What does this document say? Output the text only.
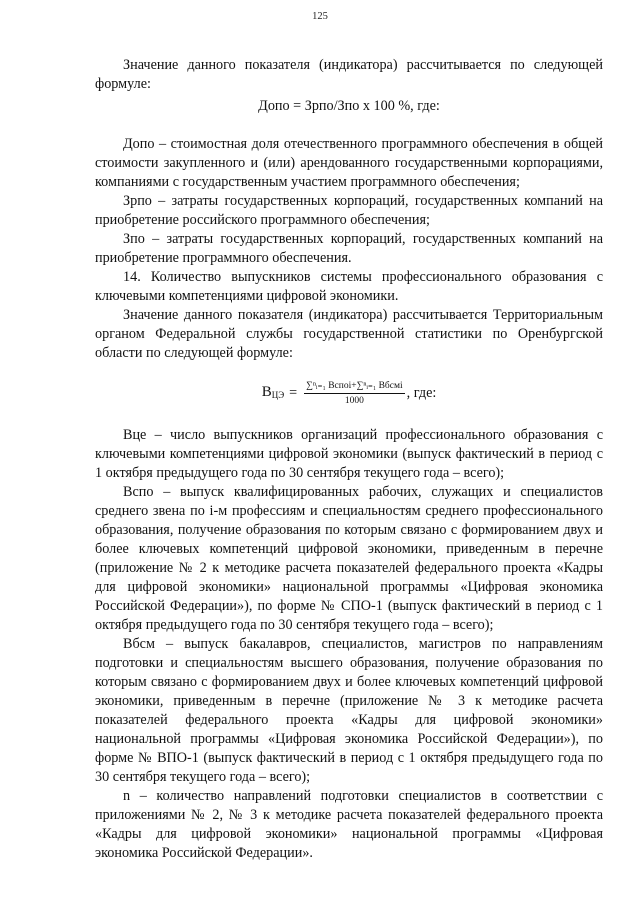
125

Значение данного показателя (индикатора) рассчитывается по следующей формуле:

Допо = Зрпо/Зпо х 100 %, где:

Допо – стоимостная доля отечественного программного обеспечения в общей стоимости закупленного и (или) арендованного государственными корпорациями, компаниями с государственным участием программного обеспечения;

Зрпо – затраты государственных корпораций, государственных компаний на приобретение российского программного обеспечения;

Зпо – затраты государственных корпораций, государственных компаний на приобретение программного обеспечения.

14. Количество выпускников системы профессионального образования с ключевыми компетенциями цифровой экономики.

Значение данного показателя (индикатора) рассчитывается Территориальным органом Федеральной службы государственной статистики по Оренбургской области по следующей формуле:

$В_{ЦЭ} = \frac{\text{∑ⁿᵢ₌₁ Вспоi+∑ⁿᵢ₌₁ Вбсмi}}{1000}$ , где:

Вце – число выпускников организаций профессионального образования с ключевыми компетенциями цифровой экономики (выпуск фактический в период с 1 октября предыдущего года по 30 сентября текущего года – всего);

Вспо – выпуск квалифицированных рабочих, служащих и специалистов среднего звена по i-м профессиям и специальностям среднего профессионального образования, получение образования по которым связано с формированием двух и более ключевых компетенций цифровой экономики, приведенным в перечне (приложение № 2 к методике расчета показателей федерального проекта «Кадры для цифровой экономики» национальной программы «Цифровая экономика Российской Федерации»), по форме № СПО-1 (выпуск фактический в период с 1 октября предыдущего года по 30 сентября текущего года – всего);

Вбсм – выпуск бакалавров, специалистов, магистров по направлениям подготовки и специальностям высшего образования, получение образования по которым связано с формированием двух и более ключевых компетенций цифровой экономики, приведенным в перечне (приложение № 3 к методике расчета показателей федерального проекта «Кадры для цифровой экономики» национальной программы «Цифровая экономика Российской Федерации»), по форме № ВПО-1 (выпуск фактический в период с 1 октября предыдущего года по 30 сентября текущего года – всего);

n – количество направлений подготовки специалистов в соответствии с приложениями № 2, № 3 к методике расчета показателей федерального проекта «Кадры для цифровой экономики» национальной программы «Цифровая экономика Российской Федерации».
